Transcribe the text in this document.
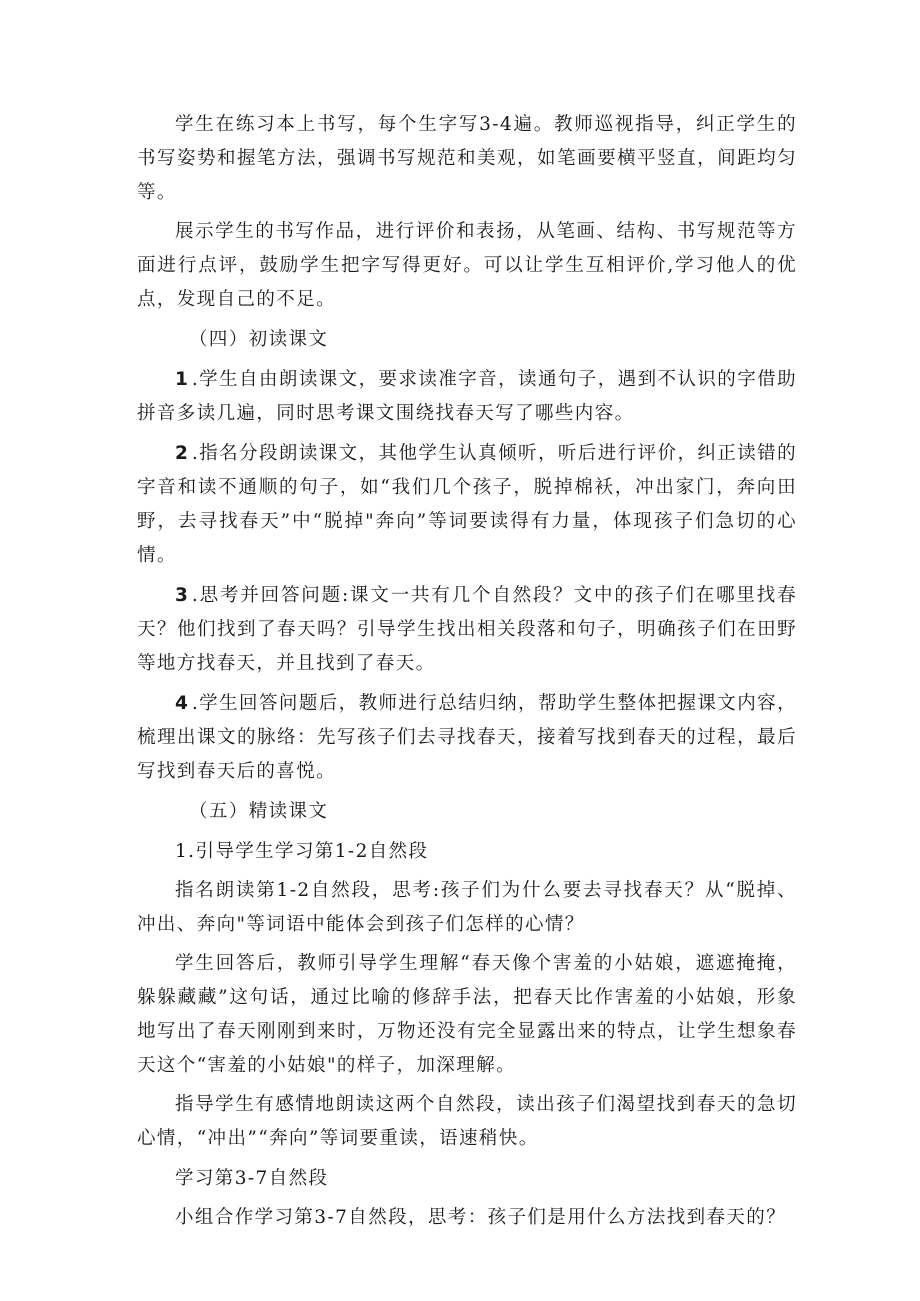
学生在练习本上书写，每个生字写3-4遍。教师巡视指导，纠正学生的书写姿势和握笔方法，强调书写规范和美观，如笔画要横平竖直，间距均匀等。

展示学生的书写作品，进行评价和表扬，从笔画、结构、书写规范等方面进行点评，鼓励学生把字写得更好。可以让学生互相评价,学习他人的优点，发现自己的不足。

（四）初读课文

1.学生自由朗读课文，要求读准字音，读通句子，遇到不认识的字借助拼音多读几遍，同时思考课文围绕找春天写了哪些内容。

2.指名分段朗读课文，其他学生认真倾听，听后进行评价，纠正读错的字音和读不通顺的句子，如“我们几个孩子，脱掉棉袄，冲出家门，奔向田野，去寻找春天”中“脱掉"奔向”等词要读得有力量，体现孩子们急切的心情。

3.思考并回答问题:课文一共有几个自然段？文中的孩子们在哪里找春天？他们找到了春天吗？引导学生找出相关段落和句子，明确孩子们在田野等地方找春天，并且找到了春天。

4.学生回答问题后，教师进行总结归纳，帮助学生整体把握课文内容，梳理出课文的脉络：先写孩子们去寻找春天，接着写找到春天的过程，最后写找到春天后的喜悦。

（五）精读课文

1.引导学生学习第1-2自然段

指名朗读第1-2自然段，思考:孩子们为什么要去寻找春天？从“脱掉、冲出、奔向"等词语中能体会到孩子们怎样的心情？

学生回答后，教师引导学生理解“春天像个害羞的小姑娘，遮遮掩掩，躲躲藏藏”这句话，通过比喻的修辞手法，把春天比作害羞的小姑娘，形象地写出了春天刚刚到来时，万物还没有完全显露出来的特点，让学生想象春天这个“害羞的小姑娘"的样子，加深理解。

指导学生有感情地朗读这两个自然段，读出孩子们渴望找到春天的急切心情，“冲出”“奔向”等词要重读，语速稍快。

学习第3-7自然段

小组合作学习第3-7自然段，思考：孩子们是用什么方法找到春天的？
